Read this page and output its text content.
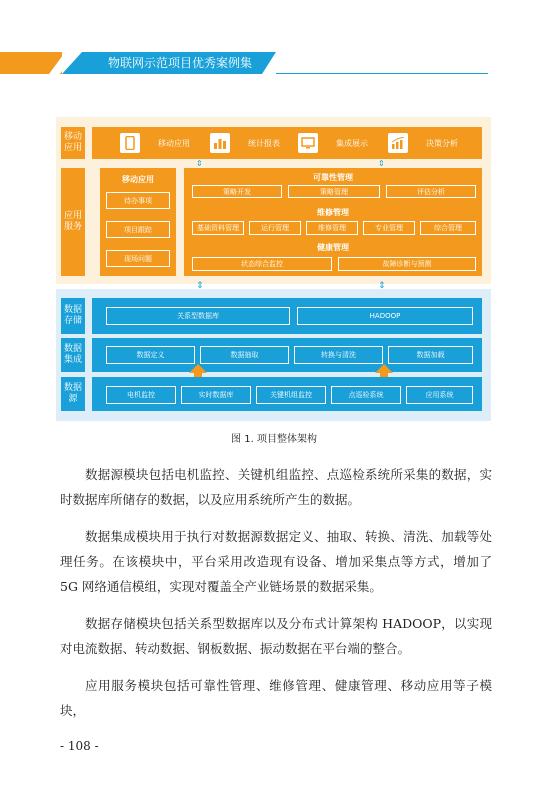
物联网示范项目优秀案例集
移动
应用
应用
服务
数据
存储
数据
集成
数据
源
移动应用	统计报表	集成展示	决策分析
⇕	⇕
移动应用
待办事项
项目跟踪
现场问题
可靠性管理
策略开发	策略管理	评估分析
维修管理
基础资料管理	运行管理	维修管理	专业管理	综合管理
健康管理
状态综合监控	故障诊断与预测
⇕	⇕
关系型数据库	HADOOP
数据定义	数据抽取	转换与清洗	数据加载
电机监控	实时数据库	关键机组监控	点巡检系统	应用系统
图 1. 项目整体架构
数据源模块包括电机监控、关键机组监控、点巡检系统所采集的数据，实时数据库所储存的数据，以及应用系统所产生的数据。
数据集成模块用于执行对数据源数据定义、抽取、转换、清洗、加载等处理任务。在该模块中，平台采用改造现有设备、增加采集点等方式，增加了 5G 网络通信模组，实现对覆盖全产业链场景的数据采集。
数据存储模块包括关系型数据库以及分布式计算架构 HADOOP，以实现对电流数据、转动数据、钢板数据、振动数据在平台端的整合。
应用服务模块包括可靠性管理、维修管理、健康管理、移动应用等子模块，
- 108 -
